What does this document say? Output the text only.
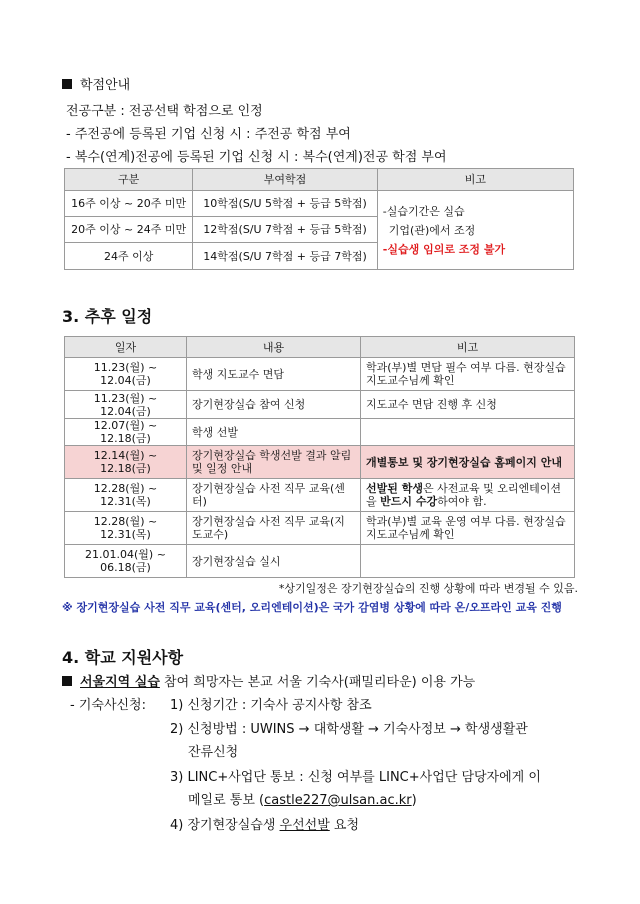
학점안내
전공구분 : 전공선택 학점으로 인정
- 주전공에 등록된 기업 신청 시 : 주전공 학점 부여
- 복수(연계)전공에 등록된 기업 신청 시 : 복수(연계)전공 학점 부여
구분	부여학점	비고
16주 이상 ~ 20주 미만	10학점(S/U 5학점 + 등급 5학점)	-실습기간은 실습
기업(관)에서 조정
-실습생 임의로 조정 불가

20주 이상 ~ 24주 미만	12학점(S/U 7학점 + 등급 5학점)	
24주 이상	14학점(S/U 7학점 + 등급 7학점)	
3. 추후 일정
일자	내용	비고
11.23(월) ~ 12.04(금)	학생 지도교수 면담	학과(부)별 면담 필수 여부 다름. 현장실습지도교수님께 확인
11.23(월) ~ 12.04(금)	장기현장실습 참여 신청	지도교수 면담 진행 후 신청
12.07(월) ~ 12.18(금)	학생 선발	
12.14(월) ~ 12.18(금)	장기현장실습 학생선발 결과 알림 및 일정 안내	개별통보 및 장기현장실습 홈페이지 안내
12.28(월) ~ 12.31(목)	장기현장실습 사전 직무 교육(센터)	선발된 학생은 사전교육 및 오리엔테이션을 반드시 수강하여야 함.
12.28(월) ~ 12.31(목)	장기현장실습 사전 직무 교육(지도교수)	학과(부)별 교육 운영 여부 다름. 현장실습지도교수님께 확인
21.01.04(월) ~ 06.18(금)	장기현장실습 실시	
*상기일정은 장기현장실습의 진행 상황에 따라 변경될 수 있음.
※ 장기현장실습 사전 직무 교육(센터, 오리엔테이션)은 국가 감염병 상황에 따라 온/오프라인 교육 진행
4. 학교 지원사항
서울지역 실습 참여 희망자는 본교 서울 기숙사(패밀리타운) 이용 가능
- 기숙사신청: 1) 신청기간 : 기숙사 공지사항 참조
2) 신청방법 : UWINS → 대학생활 → 기숙사정보 → 학생생활관
잔류신청
3) LINC+사업단 통보 : 신청 여부를 LINC+사업단 담당자에게 이
메일로 통보 (castle227@ulsan.ac.kr)
4) 장기현장실습생 우선선발 요청
